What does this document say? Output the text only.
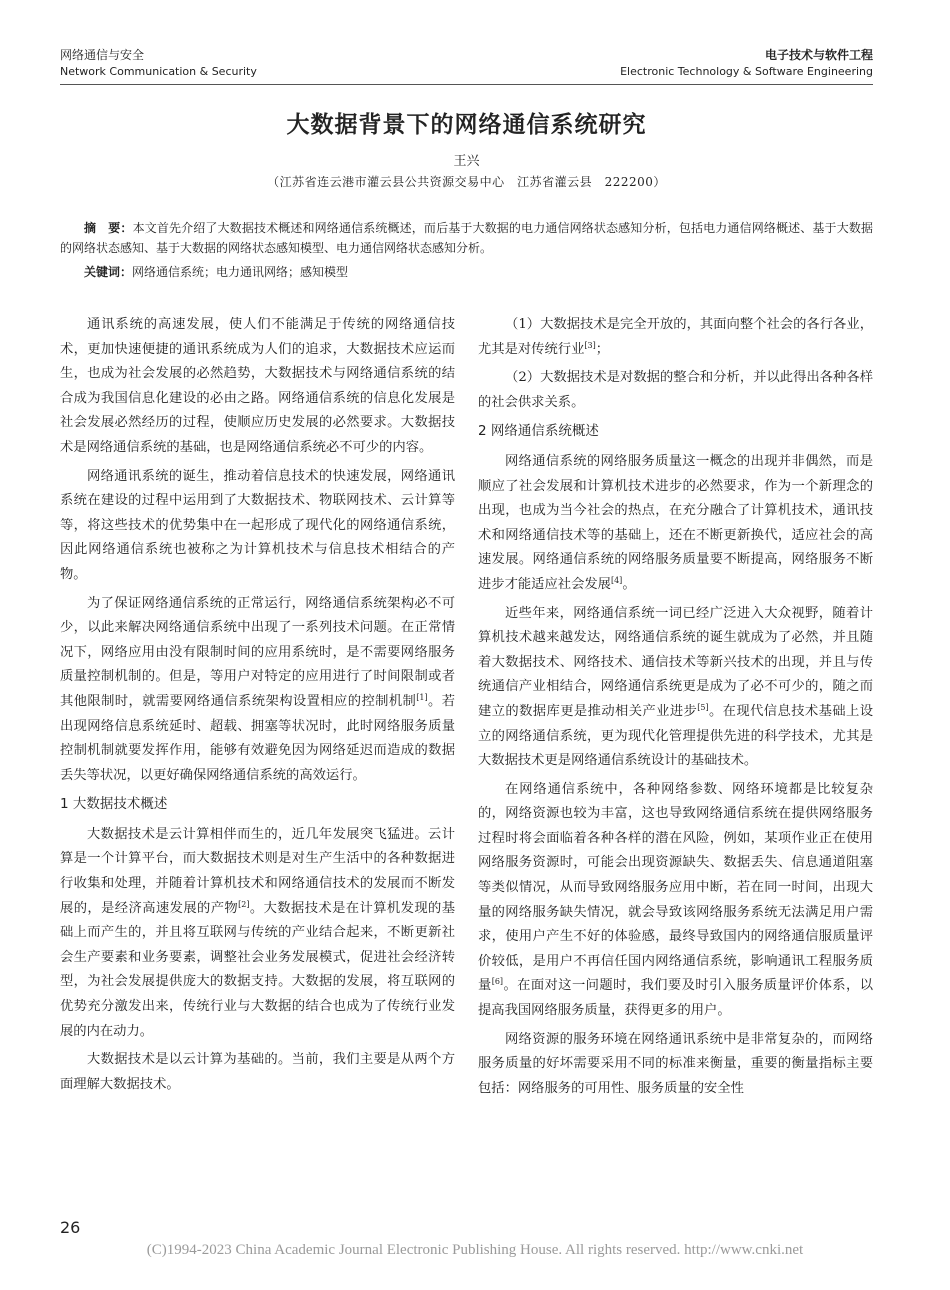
网络通信与安全
Network Communication & Security
电子技术与软件工程
Electronic Technology & Software Engineering
大数据背景下的网络通信系统研究
王兴
（江苏省连云港市灌云县公共资源交易中心　江苏省灌云县　222200）
摘　要：本文首先介绍了大数据技术概述和网络通信系统概述，而后基于大数据的电力通信网络状态感知分析，包括电力通信网络概述、基于大数据的网络状态感知、基于大数据的网络状态感知模型、电力通信网络状态感知分析。
关键词：网络通信系统；电力通讯网络；感知模型

通讯系统的高速发展，使人们不能满足于传统的网络通信技术，更加快速便捷的通讯系统成为人们的追求，大数据技术应运而生，也成为社会发展的必然趋势，大数据技术与网络通信系统的结合成为我国信息化建设的必由之路。网络通信系统的信息化发展是社会发展必然经历的过程，使顺应历史发展的必然要求。大数据技术是网络通信系统的基础，也是网络通信系统必不可少的内容。

网络通讯系统的诞生，推动着信息技术的快速发展，网络通讯系统在建设的过程中运用到了大数据技术、物联网技术、云计算等等，将这些技术的优势集中在一起形成了现代化的网络通信系统，因此网络通信系统也被称之为计算机技术与信息技术相结合的产物。

为了保证网络通信系统的正常运行，网络通信系统架构必不可少，以此来解决网络通信系统中出现了一系列技术问题。在正常情况下，网络应用由没有限制时间的应用系统时，是不需要网络服务质量控制机制的。但是，等用户对特定的应用进行了时间限制或者其他限制时，就需要网络通信系统架构设置相应的控制机制[1]。若出现网络信息系统延时、超载、拥塞等状况时，此时网络服务质量控制机制就要发挥作用，能够有效避免因为网络延迟而造成的数据丢失等状况，以更好确保网络通信系统的高效运行。

1 大数据技术概述

大数据技术是云计算相伴而生的，近几年发展突飞猛进。云计算是一个计算平台，而大数据技术则是对生产生活中的各种数据进行收集和处理，并随着计算机技术和网络通信技术的发展而不断发展的，是经济高速发展的产物[2]。大数据技术是在计算机发现的基础上而产生的，并且将互联网与传统的产业结合起来，不断更新社会生产要素和业务要素，调整社会业务发展模式，促进社会经济转型，为社会发展提供庞大的数据支持。大数据的发展，将互联网的优势充分激发出来，传统行业与大数据的结合也成为了传统行业发展的内在动力。

大数据技术是以云计算为基础的。当前，我们主要是从两个方面理解大数据技术。

（1）大数据技术是完全开放的，其面向整个社会的各行各业，尤其是对传统行业[3]；

（2）大数据技术是对数据的整合和分析，并以此得出各种各样的社会供求关系。

2 网络通信系统概述

网络通信系统的网络服务质量这一概念的出现并非偶然，而是顺应了社会发展和计算机技术进步的必然要求，作为一个新理念的出现，也成为当今社会的热点，在充分融合了计算机技术，通讯技术和网络通信技术等的基础上，还在不断更新换代，适应社会的高速发展。网络通信系统的网络服务质量要不断提高，网络服务不断进步才能适应社会发展[4]。

近些年来，网络通信系统一词已经广泛进入大众视野，随着计算机技术越来越发达，网络通信系统的诞生就成为了必然，并且随着大数据技术、网络技术、通信技术等新兴技术的出现，并且与传统通信产业相结合，网络通信系统更是成为了必不可少的，随之而建立的数据库更是推动相关产业进步[5]。在现代信息技术基础上设立的网络通信系统，更为现代化管理提供先进的科学技术，尤其是大数据技术更是网络通信系统设计的基础技术。

在网络通信系统中，各种网络参数、网络环境都是比较复杂的，网络资源也较为丰富，这也导致网络通信系统在提供网络服务过程时将会面临着各种各样的潜在风险，例如，某项作业正在使用网络服务资源时，可能会出现资源缺失、数据丢失、信息通道阻塞等类似情况，从而导致网络服务应用中断，若在同一时间，出现大量的网络服务缺失情况，就会导致该网络服务系统无法满足用户需求，使用户产生不好的体验感，最终导致国内的网络通信服质量评价较低，是用户不再信任国内网络通信系统，影响通讯工程服务质量[6]。在面对这一问题时，我们要及时引入服务质量评价体系，以提高我国网络服务质量，获得更多的用户。

网络资源的服务环境在网络通讯系统中是非常复杂的，而网络服务质量的好坏需要采用不同的标准来衡量，重要的衡量指标主要包括：网络服务的可用性、服务质量的安全性

26
(C)1994-2023 China Academic Journal Electronic Publishing House. All rights reserved. http://www.cnki.net
